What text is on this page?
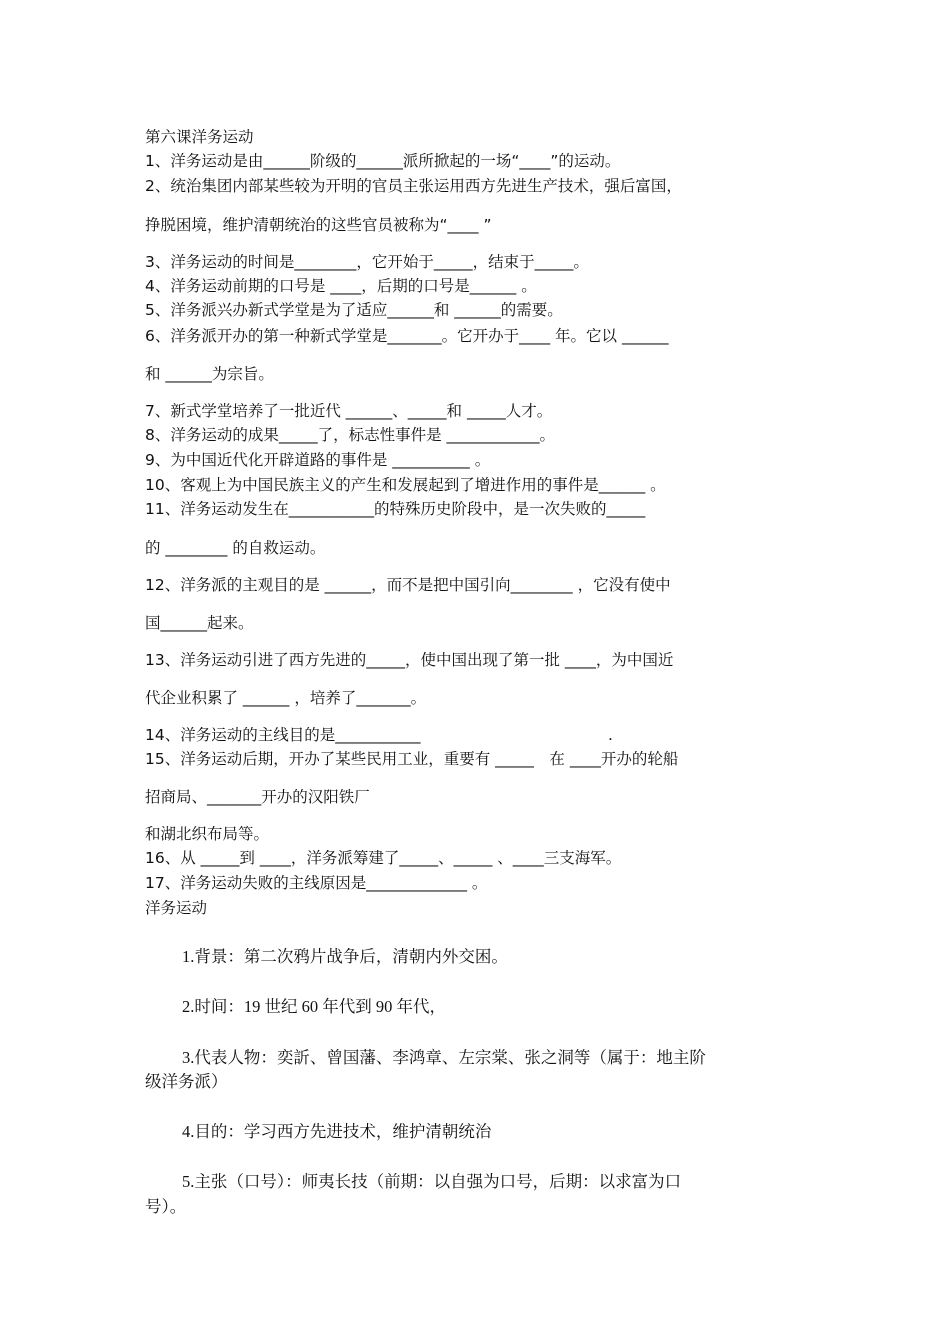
第六课洋务运动
1、洋务运动是由______阶级的______派所掀起的一场“____”的运动。
2、统治集团内部某些较为开明的官员主张运用西方先进生产技术，强后富国，
挣脱困境，维护清朝统治的这些官员被称为“____ ”
3、洋务运动的时间是________，它开始于_____，结束于_____。
4、洋务运动前期的口号是 ____，后期的口号是______ 。
5、洋务派兴办新式学堂是为了适应______和 ______的需要。
6、洋务派开办的第一种新式学堂是_______。它开办于____ 年。它以 ______
和 ______为宗旨。
7、新式学堂培养了一批近代 ______、_____和 _____人才。
8、洋务运动的成果_____了，标志性事件是 ____________。
9、为中国近代化开辟道路的事件是 __________ 。
10、客观上为中国民族主义的产生和发展起到了增进作用的事件是______ 。
11、洋务运动发生在___________的特殊历史阶段中，是一次失败的_____
的 ________ 的自救运动。
12、洋务派的主观目的是 ______，而不是把中国引向________ ，它没有使中
国______起来。
13、洋务运动引进了西方先进的_____，使中国出现了第一批 ____，为中国近
代企业积累了 ______ ，培养了_______。
14、洋务运动的主线目的是___________	.
15、洋务运动后期，开办了某些民用工业，重要有 _____　在 ____开办的轮船
招商局、_______开办的汉阳铁厂
和湖北织布局等。
16、从 _____到 ____，洋务派筹建了_____、_____ 、____三支海军。
17、洋务运动失败的主线原因是_____________ 。
洋务运动
1.背景：第二次鸦片战争后，清朝内外交困。
2.时间：19 世纪 60 年代到 90 年代，
3.代表人物：奕訢、曾国藩、李鸿章、左宗棠、张之洞等（属于：地主阶
级洋务派）
4.目的：学习西方先进技术，维护清朝统治
5.主张（口号）：师夷长技（前期：以自强为口号，后期：以求富为口
号）。
